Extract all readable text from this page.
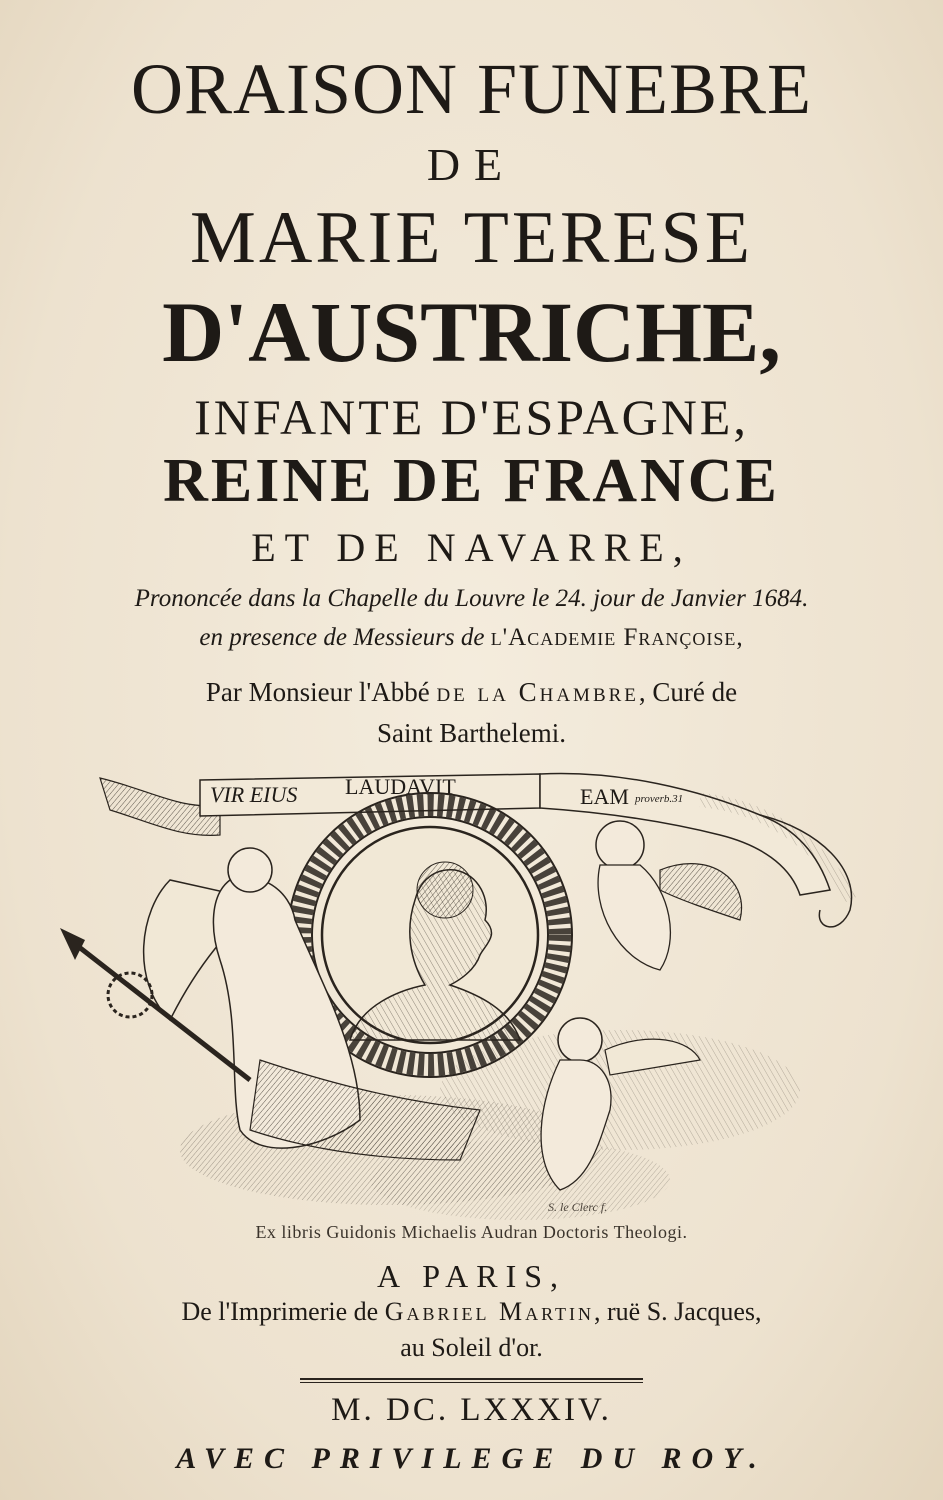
ORAISON FUNEBRE
DE
MARIE TERESE
D'AUSTRICHE,
INFANTE D'ESPAGNE,
REINE DE FRANCE
ET DE NAVARRE,
Prononcée dans la Chapelle du Louvre le 24. jour de Janvier 1684.
en presence de Messieurs de l'Academie Françoise,
Par Monsieur l'Abbé de la Chambre, Curé de
Saint Barthelemi.
VIR EIUS LAUDAVIT	EAM proverb.31
S. le Clerc f.
Ex libris Guidonis Michaelis Audran Doctoris Theologi.
A PARIS,
De l'Imprimerie de Gabriel Martin, ruë S. Jacques,
au Soleil d'or.
M. DC. LXXXIV.
AVEC PRIVILEGE DU ROY.
